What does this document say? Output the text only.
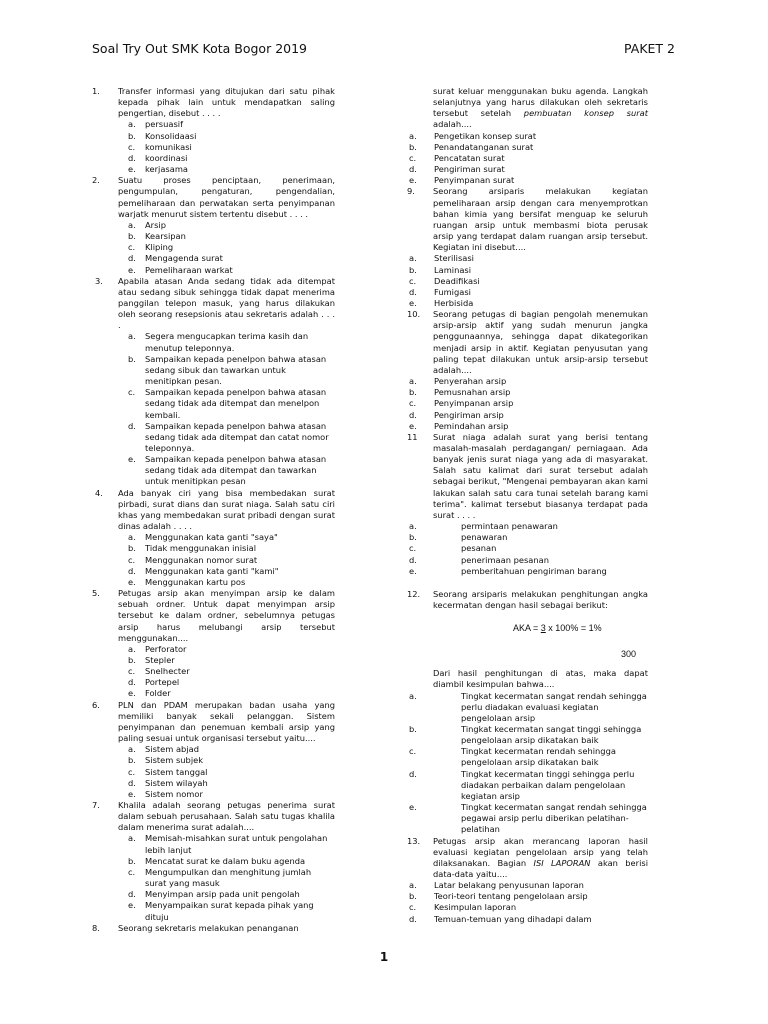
Soal Try Out SMK Kota Bogor 2019	PAKET 2
1. Transfer informasi yang ditujukan dari satu pihak kepada pihak lain untuk mendapatkan saling pengertian, disebut . . . .
a. persuasif
b. Konsolidaasi
c. komunikasi
d. koordinasi
e. kerjasama
2. Suatu proses penciptaan, penerimaan, pengumpulan, pengaturan, pengendalian, pemeliharaan dan perwatakan serta penyimpanan warjatk menurut sistem tertentu disebut . . . .
a. Arsip
b. Kearsipan
c. Kliping
d. Mengagenda surat
e. Pemeliharaan warkat
3. Apabila atasan Anda sedang tidak ada ditempat atau sedang sibuk sehingga tidak dapat menerima panggilan telepon masuk, yang harus dilakukan oleh seorang resepsionis atau sekretaris adalah . . . .
a. Segera mengucapkan terima kasih dan menutup teleponnya.
b. Sampaikan kepada penelpon bahwa atasan sedang sibuk dan tawarkan untuk menitipkan pesan.
c. Sampaikan kepada penelpon bahwa atasan sedang tidak ada ditempat dan menelpon kembali.
d. Sampaikan kepada penelpon bahwa atasan sedang tidak ada ditempat dan catat nomor teleponnya.
e. Sampaikan kepada penelpon bahwa atasan sedang tidak ada ditempat dan tawarkan untuk menitipkan pesan
4. Ada banyak ciri yang bisa membedakan surat pirbadi, surat dians dan surat niaga. Salah satu ciri khas yang membedakan surat pribadi dengan surat dinas adalah . . . .
a. Menggunakan kata ganti "saya"
b. Tidak menggunakan inisial
c. Menggunakan nomor surat
d. Menggunakan kata ganti "kami"
e. Menggunakan kartu pos
5. Petugas arsip akan menyimpan arsip ke dalam sebuah ordner. Untuk dapat menyimpan arsip tersebut ke dalam ordner, sebelumnya petugas arsip harus melubangi arsip tersebut menggunakan....
a. Perforator
b. Stepler
c. Snelhecter
d. Portepel
e. Folder
6. PLN dan PDAM merupakan badan usaha yang memiliki banyak sekali pelanggan. Sistem penyimpanan dan penemuan kembali arsip yang paling sesuai untuk organisasi tersebut yaitu....
a. Sistem abjad
b. Sistem subjek
c. Sistem tanggal
d. Sistem wilayah
e. Sistem nomor
7. Khalila adalah seorang petugas penerima surat dalam sebuah perusahaan. Salah satu tugas khalila dalam menerima surat adalah....
a. Memisah-misahkan surat untuk pengolahan lebih lanjut
b. Mencatat surat ke dalam buku agenda
c. Mengumpulkan dan menghitung jumlah surat yang masuk
d. Menyimpan arsip pada unit pengolah
e. Menyampaikan surat kepada pihak yang dituju
8. Seorang sekretaris melakukan penanganan
surat keluar menggunakan buku agenda. Langkah selanjutnya yang harus dilakukan oleh sekretaris tersebut setelah pembuatan konsep surat adalah....
a. Pengetikan konsep surat
b. Penandatanganan surat
c. Pencatatan surat
d. Pengiriman surat
e. Penyimpanan surat
9. Seorang arsiparis melakukan kegiatan pemeliharaan arsip dengan cara menyemprotkan bahan kimia yang bersifat menguap ke seluruh ruangan arsip untuk membasmi biota perusak arsip yang terdapat dalam ruangan arsip tersebut. Kegiatan ini disebut....
a. Sterilisasi
b. Laminasi
c. Deadifikasi
d. Fumigasi
e. Herbisida
10. Seorang petugas di bagian pengolah menemukan arsip-arsip aktif yang sudah menurun jangka penggunaannya, sehingga dapat dikategorikan menjadi arsip in aktif. Kegiatan penyusutan yang paling tepat dilakukan untuk arsip-arsip tersebut adalah....
a. Penyerahan arsip
b. Pemusnahan arsip
c. Penyimpanan arsip
d. Pengiriman arsip
e. Pemindahan arsip
11 Surat niaga adalah surat yang berisi tentang masalah-masalah perdagangan/ perniagaan. Ada banyak jenis surat niaga yang ada di masyarakat. Salah satu kalimat dari surat tersebut adalah sebagai berikut, "Mengenai pembayaran akan kami lakukan salah satu cara tunai setelah barang kami terima". kalimat tersebut biasanya terdapat pada surat . . . .
a.	permintaan penawaran
b.	penawaran
c.	pesanan
d.	penerimaan pesanan
e.	pemberitahuan pengiriman barang
12. Seorang arsiparis melakukan penghitungan angka kecermatan dengan hasil sebagai berikut:
AKA = 3 x 100% = 1%
300
Dari hasil penghitungan di atas, maka dapat diambil kesimpulan bahwa....
a.	Tingkat kecermatan sangat rendah sehingga perlu diadakan evaluasi kegiatan pengelolaan arsip
b.	Tingkat kecermatan sangat tinggi sehingga pengelolaan arsip dikatakan baik
c.	Tingkat kecermatan rendah sehingga pengelolaan arsip dikatakan baik
d.	Tingkat kecermatan tinggi sehingga perlu diadakan perbaikan dalam pengelolaan kegiatan arsip
e.	Tingkat kecermatan sangat rendah sehingga pegawai arsip perlu diberikan pelatihan-pelatihan
13. Petugas arsip akan merancang laporan hasil evaluasi kegiatan pengelolaan arsip yang telah dilaksanakan. Bagian ISI LAPORAN akan berisi data-data yaitu....
a. Latar belakang penyusunan laporan
b. Teori-teori tentang pengelolaan arsip
c. Kesimpulan laporan
d. Temuan-temuan yang dihadapi dalam
1
